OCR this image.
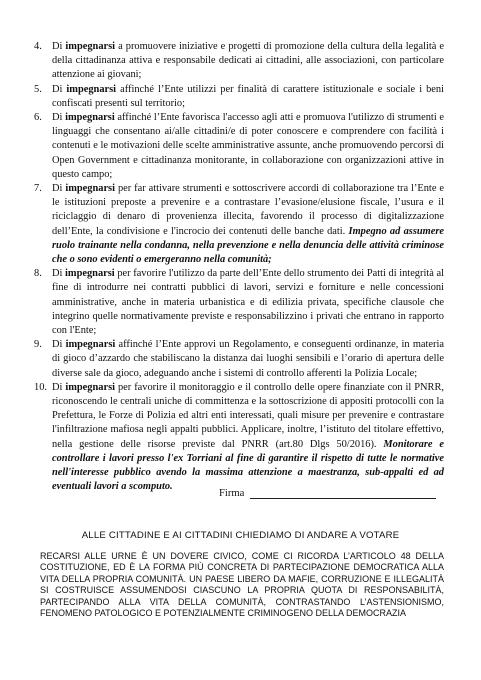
4. Di impegnarsi a promuovere iniziative e progetti di promozione della cultura della legalità e della cittadinanza attiva e responsabile dedicati ai cittadini, alle associazioni, con particolare attenzione ai giovani;
5. Di impegnarsi affinché l’Ente utilizzi per finalità di carattere istituzionale e sociale i beni confiscati presenti sul territorio;
6. Di impegnarsi affinché l’Ente favorisca l'accesso agli atti e promuova l'utilizzo di strumenti e linguaggi che consentano ai/alle cittadini/e di poter conoscere e comprendere con facilità i contenuti e le motivazioni delle scelte amministrative assunte, anche promuovendo percorsi di Open Government e cittadinanza monitorante, in collaborazione con organizzazioni attive in questo campo;
7. Di impegnarsi per far attivare strumenti e sottoscrivere accordi di collaborazione tra l’Ente e le istituzioni preposte a prevenire e a contrastare l’evasione/elusione fiscale, l’usura e il riciclaggio di denaro di provenienza illecita, favorendo il processo di digitalizzazione dell’Ente, la condivisione e l'incrocio dei contenuti delle banche dati. Impegno ad assumere ruolo trainante nella condanna, nella prevenzione e nella denuncia delle attività criminose che o sono evidenti o emergeranno nella comunità;
8. Di impegnarsi per favorire l'utilizzo da parte dell’Ente dello strumento dei Patti di integrità al fine di introdurre nei contratti pubblici di lavori, servizi e forniture e nelle concessioni amministrative, anche in materia urbanistica e di edilizia privata, specifiche clausole che integrino quelle normativamente previste e responsabilizzino i privati che entrano in rapporto con l'Ente;
9. Di impegnarsi affinché l’Ente approvi un Regolamento, e conseguenti ordinanze, in materia di gioco d’azzardo che stabiliscano la distanza dai luoghi sensibili e l’orario di apertura delle diverse sale da gioco, adeguando anche i sistemi di controllo afferenti la Polizia Locale;
10. Di impegnarsi per favorire il monitoraggio e il controllo delle opere finanziate con il PNRR, riconoscendo le centrali uniche di committenza e la sottoscrizione di appositi protocolli con la Prefettura, le Forze di Polizia ed altri enti interessati, quali misure per prevenire e contrastare l'infiltrazione mafiosa negli appalti pubblici. Applicare, inoltre, l’istituto del titolare effettivo, nella gestione delle risorse previste dal PNRR (art.80 Dlgs 50/2016). Monitorare e controllare i lavori presso l'ex Torriani al fine di garantire il rispetto di tutte le normative nell'interesse pubblico avendo la massima attenzione a maestranza, sub-appalti ed ad eventuali lavori a scomputo.
Firma
ALLE CITTADINE E AI CITTADINI CHIEDIAMO DI ANDARE A VOTARE
RECARSI ALLE URNE È UN DOVERE CIVICO, COME CI RICORDA L’ARTICOLO 48 DELLA COSTITUZIONE, ED È LA FORMA PIÙ CONCRETA DI PARTECIPAZIONE DEMOCRATICA ALLA VITA DELLA PROPRIA COMUNITÀ. UN PAESE LIBERO DA MAFIE, CORRUZIONE E ILLEGALITÀ SI COSTRUISCE ASSUMENDOSI CIASCUNO LA PROPRIA QUOTA DI RESPONSABILITÀ, PARTECIPANDO ALLA VITA DELLA COMUNITÀ, CONTRASTANDO L’ASTENSIONISMO, FENOMENO PATOLOGICO E POTENZIALMENTE CRIMINOGENO DELLA DEMOCRAZIA
